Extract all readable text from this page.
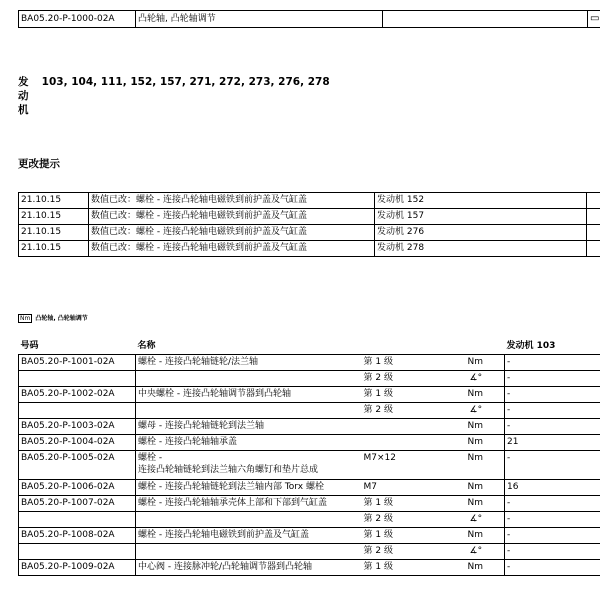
BA05.20-P-1000-02A	凸轮轴, 凸轮轴调节		▭
发动机 103, 104, 111, 152, 157, 271, 272, 273, 276, 278
更改提示
21.10.15	数值已改：螺栓 - 连接凸轮轴电磁铁到前护盖及气缸盖	发动机 152	
21.10.15	数值已改：螺栓 - 连接凸轮轴电磁铁到前护盖及气缸盖	发动机 157	
21.10.15	数值已改：螺栓 - 连接凸轮轴电磁铁到前护盖及气缸盖	发动机 276	
21.10.15	数值已改：螺栓 - 连接凸轮轴电磁铁到前护盖及气缸盖	发动机 278	
Nm 凸轮轴, 凸轮轴调节
号码	名称			发动机 103
BA05.20-P-1001-02A	螺栓 - 连接凸轮轴链轮/法兰轴	第 1 级	Nm	-
		第 2 级	∡°	-
BA05.20-P-1002-02A	中央螺栓 - 连接凸轮轴调节器到凸轮轴	第 1 级	Nm	-
		第 2 级	∡°	-
BA05.20-P-1003-02A	螺母 - 连接凸轮轴链轮到法兰轴		Nm	-
BA05.20-P-1004-02A	螺栓 - 连接凸轮轴轴承盖		Nm	21
BA05.20-P-1005-02A	螺栓 -
连接凸轮轴链轮到法兰轴六角螺钉和垫片总成	M7×12	Nm	-
BA05.20-P-1006-02A	螺栓 - 连接凸轮轴链轮到法兰轴内部 Torx 螺栓	M7	Nm	16
BA05.20-P-1007-02A	螺栓 - 连接凸轮轴轴承壳体上部和下部到气缸盖	第 1 级	Nm	-
		第 2 级	∡°	-
BA05.20-P-1008-02A	螺栓 - 连接凸轮轴电磁铁到前护盖及气缸盖	第 1 级	Nm	-
		第 2 级	∡°	-
BA05.20-P-1009-02A	中心阀 - 连接脉冲轮/凸轮轴调节器到凸轮轴	第 1 级	Nm	-
